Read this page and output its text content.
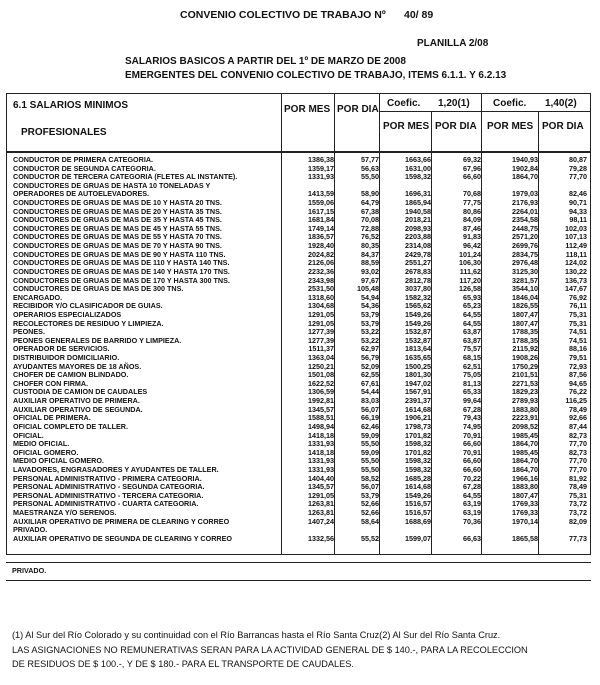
CONVENIO COLECTIVO DE TRABAJO Nº 40/ 89
PLANILLA 2/08
SALARIOS BASICOS A PARTIR DEL 1º DE MARZO DE 2008
EMERGENTES DEL CONVENIO COLECTIVO DE TRABAJO, ITEMS 6.1.1. Y 6.2.13
6.1 SALARIOS MINIMOS
PROFESIONALES
POR MES POR DIA
Coefic. 1,20(1) Coefic. 1,40(2)
POR MES POR DIA POR MES POR DIA
CONDUCTOR DE PRIMERA CATEGORIA.	1386,38	57,77	1663,66	69,32	1940,93	80,87
CONDUCTOR DE SEGUNDA CATEGORIA.	1359,17	56,63	1631,00	67,96	1902,84	79,28
CONDUCTOR DE TERCERA CATEGORIA (FLETES AL INSTANTE).	1331,93	55,50	1598,32	66,60	1864,70	77,70
CONDUCTORES DE GRUAS DE HASTA 10 TONELADAS Y
OPERADORES DE AUTOELEVADORES.	1413,59	58,90	1696,31	70,68	1979,03	82,46
CONDUCTORES DE GRUAS DE MAS DE 10 Y HASTA 20 TNS.	1559,06	64,79	1865,94	77,75	2176,93	90,71
CONDUCTORES DE GRUAS DE MAS DE 20 Y HASTA 35 TNS.	1617,15	67,38	1940,58	80,86	2264,01	94,33
CONDUCTORES DE GRUAS DE MAS DE 35 Y HASTA 45 TNS.	1681,84	70,08	2018,21	84,09	2354,58	98,11
CONDUCTORES DE GRUAS DE MAS DE 45 Y HASTA 55 TNS.	1749,14	72,88	2098,93	87,46	2448,75	102,03
CONDUCTORES DE GRUAS DE MAS DE 55 Y HASTA 70 TNS.	1836,57	76,52	2203,88	91,83	2571,20	107,13
CONDUCTORES DE GRUAS DE MAS DE 70 Y HASTA 90 TNS.	1928,40	80,35	2314,08	96,42	2699,76	112,49
CONDUCTORES DE GRUAS DE MAS DE 90 Y HASTA 110 TNS.	2024,82	84,37	2429,78	101,24	2834,75	118,11
CONDUCTORES DE GRUAS DE MAS DE 110 Y HASTA 140 TNS.	2126,06	88,59	2551,27	106,30	2976,48	124,02
CONDUCTORES DE GRUAS DE MAS DE 140 Y HASTA 170 TNS.	2232,36	93,02	2678,83	111,62	3125,30	130,22
CONDUCTORES DE GRUAS DE MAS DE 170 Y HASTA 300 TNS.	2343,98	97,67	2812,78	117,20	3281,57	136,73
CONDUCTORES DE GRUAS DE MAS DE 300 TNS.	2531,50	105,48	3037,80	126,58	3544,10	147,67
ENCARGADO.	1318,60	54,94	1582,32	65,93	1846,04	76,92
RECIBIDOR Y/O CLASIFICADOR DE GUIAS.	1304,68	54,36	1565,62	65,23	1826,55	76,11
OPERARIOS ESPECIALIZADOS	1291,05	53,79	1549,26	64,55	1807,47	75,31
RECOLECTORES DE RESIDUO Y LIMPIEZA.	1291,05	53,79	1549,26	64,55	1807,47	75,31
PEONES.	1277,39	53,22	1532,87	63,87	1788,35	74,51
PEONES GENERALES DE BARRIDO Y LIMPIEZA.	1277,39	53,22	1532,87	63,87	1788,35	74,51
OPERADOR DE SERVICIOS.	1511,37	62,97	1813,64	75,57	2115,92	88,16
DISTRIBUIDOR DOMICILIARIO.	1363,04	56,79	1635,65	68,15	1908,26	79,51
AYUDANTES MAYORES DE 18 AÑOS.	1250,21	52,09	1500,25	62,51	1750,29	72,93
CHOFER DE CAMION BLINDADO.	1501,08	62,55	1801,30	75,05	2101,51	87,56
CHOFER CON FIRMA.	1622,52	67,61	1947,02	81,13	2271,53	94,65
CUSTODIA DE CAMION DE CAUDALES	1306,59	54,44	1567,91	65,33	1829,23	76,22
AUXILIAR OPERATIVO DE PRIMERA.	1992,81	83,03	2391,37	99,64	2789,93	116,25
AUXILIAR OPERATIVO DE SEGUNDA.	1345,57	56,07	1614,68	67,28	1883,80	78,49
OFICIAL DE PRIMERA.	1588,51	66,19	1906,21	79,43	2223,91	92,66
OFICIAL COMPLETO DE TALLER.	1498,94	62,46	1798,73	74,95	2098,52	87,44
OFICIAL.	1418,18	59,09	1701,82	70,91	1985,45	82,73
MEDIO OFICIAL.	1331,93	55,50	1598,32	66,60	1864,70	77,70
OFICIAL GOMERO.	1418,18	59,09	1701,82	70,91	1985,45	82,73
MEDIO OFICIAL GOMERO.	1331,93	55,50	1598,32	66,60	1864,70	77,70
LAVADORES, ENGRASADORES Y AYUDANTES DE TALLER.	1331,93	55,50	1598,32	66,60	1864,70	77,70
PERSONAL ADMINISTRATIVO - PRIMERA CATEGORIA.	1404,40	58,52	1685,28	70,22	1966,16	81,92
PERSONAL ADMINISTRATIVO - SEGUNDA CATEGORIA.	1345,57	56,07	1614,68	67,28	1883,80	78,49
PERSONAL ADMINISTRATIVO - TERCERA CATEGORIA.	1291,05	53,79	1549,26	64,55	1807,47	75,31
PERSONAL ADMINISTRATIVO - CUARTA CATEGORIA.	1263,81	52,66	1516,57	63,19	1769,33	73,72
MAESTRANZA Y/O SERENOS.	1263,81	52,66	1516,57	63,19	1769,33	73,72
AUXILIAR OPERATIVO DE PRIMERA DE CLEARING Y CORREO	1407,24	58,64	1688,69	70,36	1970,14	82,09
PRIVADO.
AUXILIAR OPERATIVO DE SEGUNDA DE CLEARING Y CORREO	1332,56	55,52	1599,07	66,63	1865,58	77,73
PRIVADO.
(1) Al Sur del Río Colorado y su continuidad con el Río Barrancas hasta el Río Santa Cruz(2) Al Sur del Río Santa Cruz.
LAS ASIGNACIONES NO REMUNERATIVAS SERAN PARA LA ACTIVIDAD GENERAL DE $ 140.-, PARA LA RECOLECCION
DE RESIDUOS DE $ 100.-, Y DE $ 180.- PARA EL TRANSPORTE DE CAUDALES.
